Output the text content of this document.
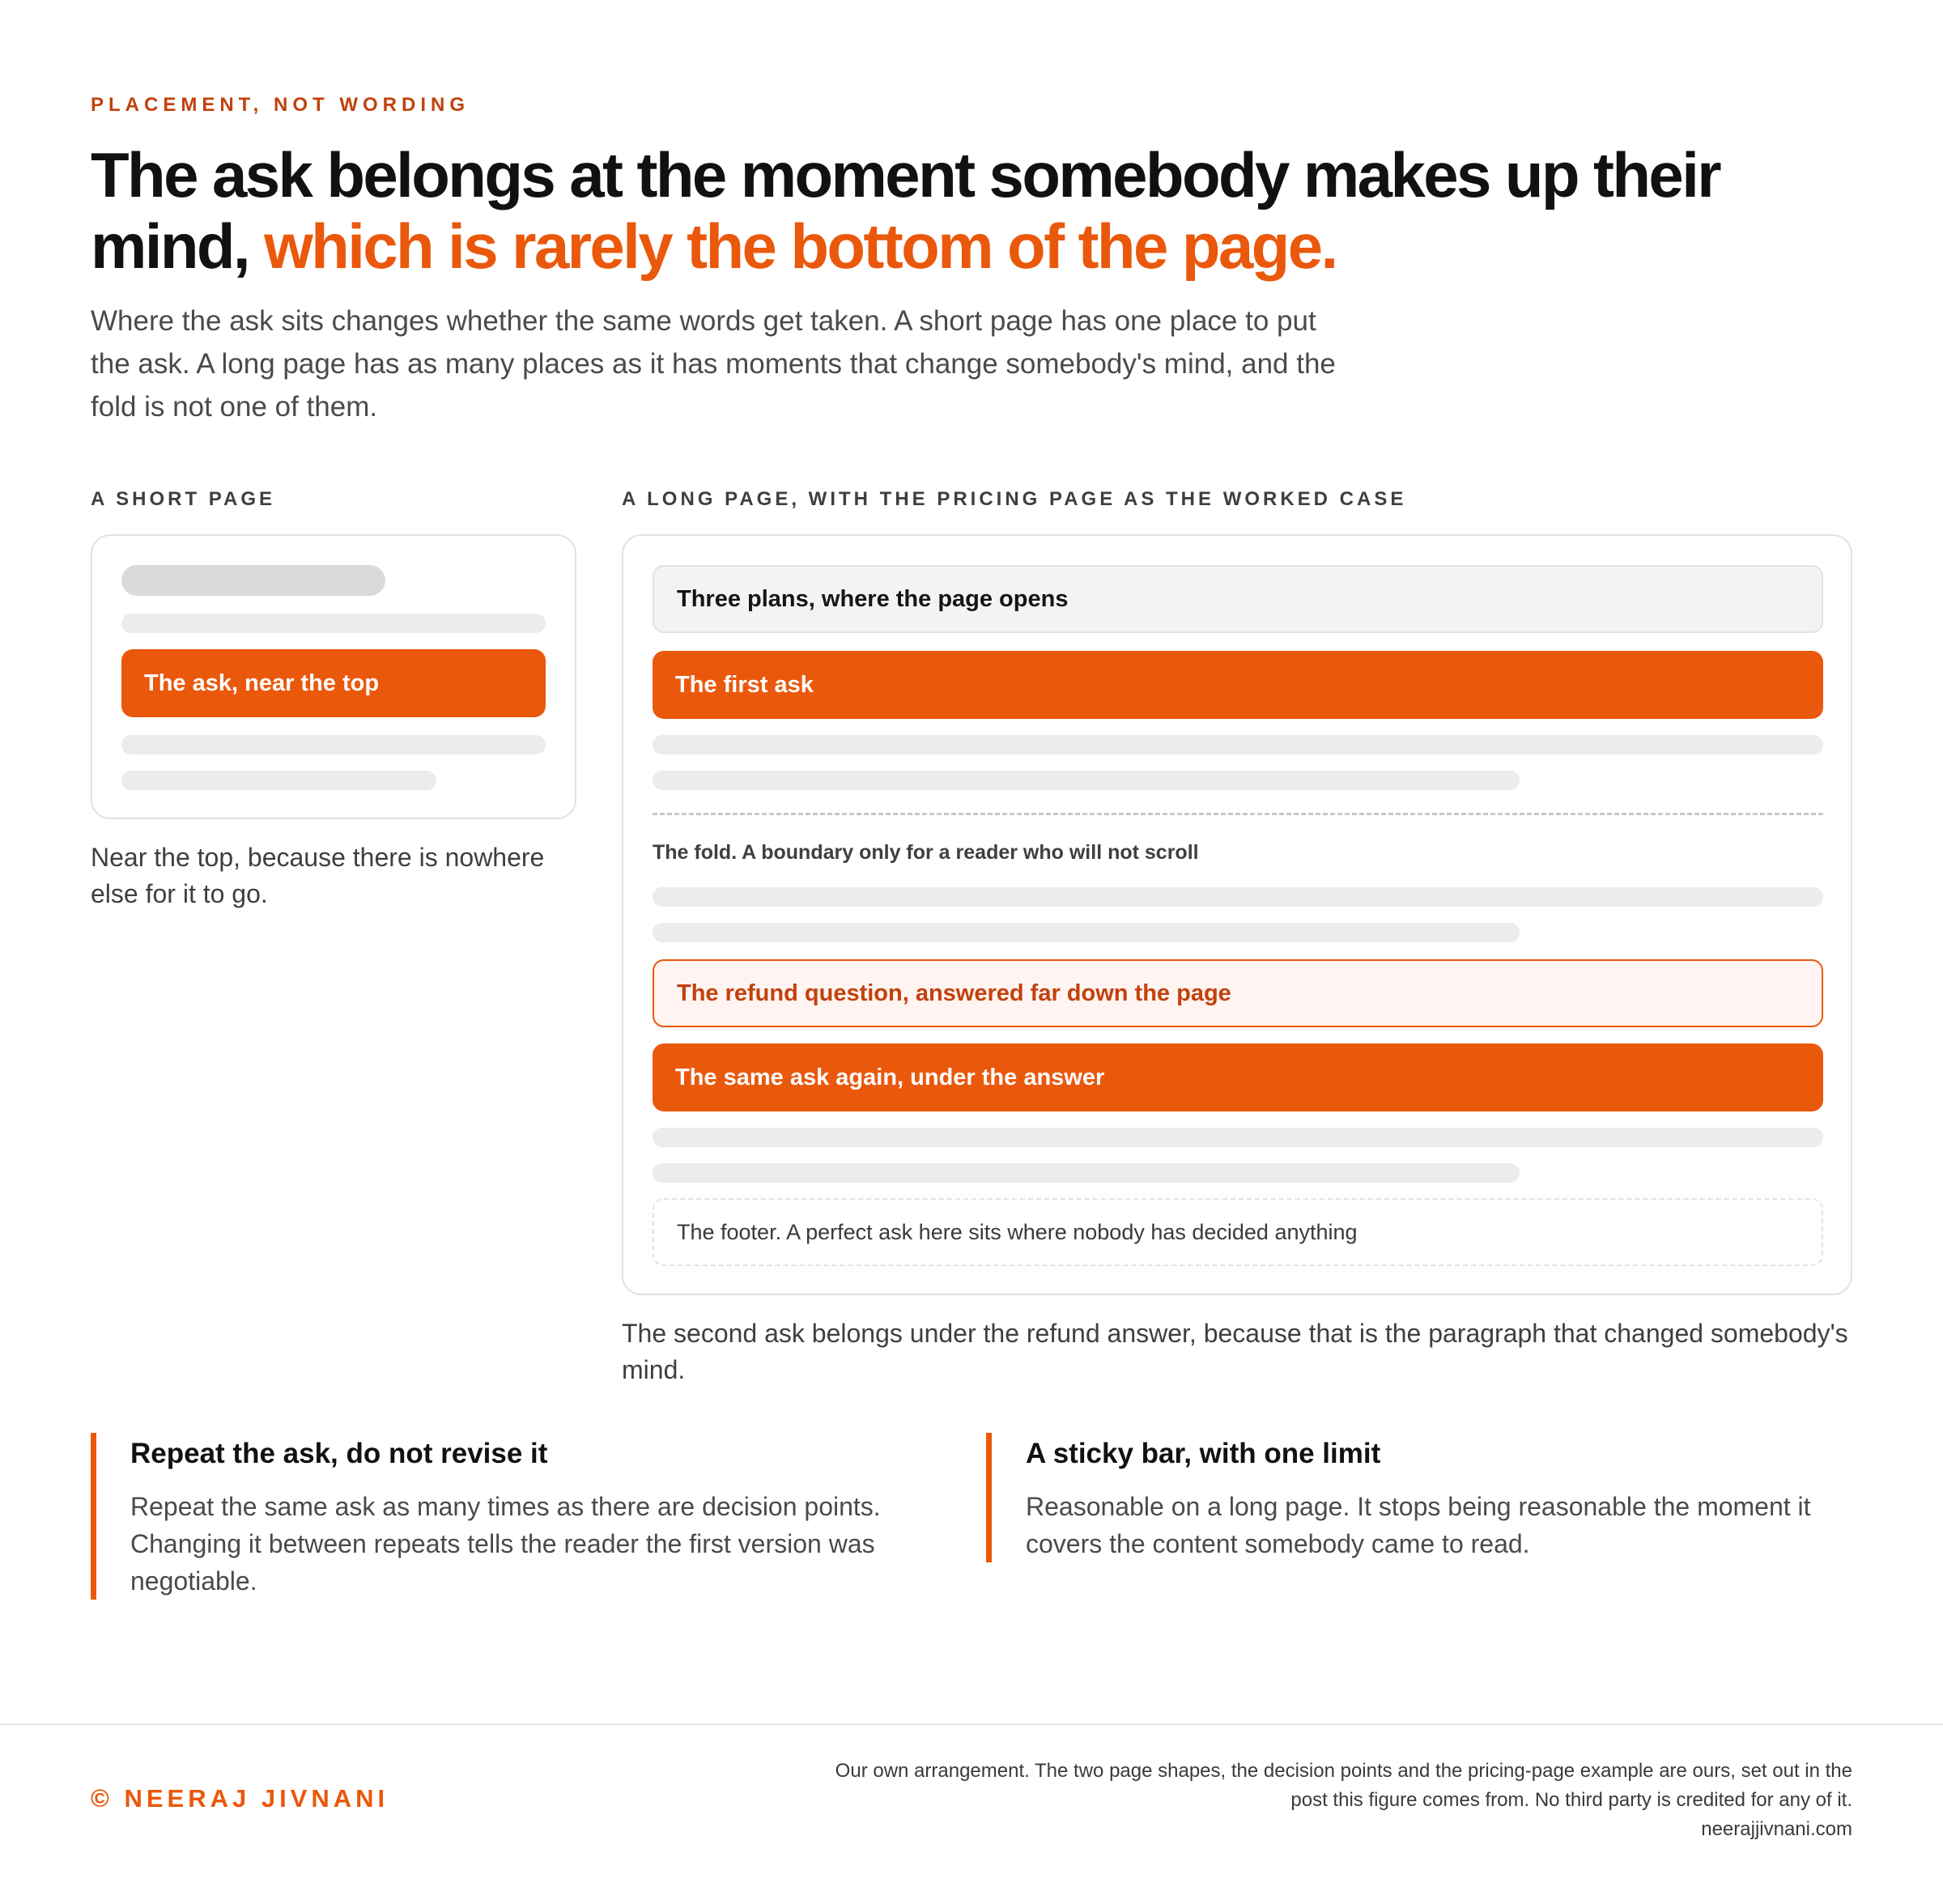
PLACEMENT, NOT WORDING
The ask belongs at the moment somebody makes up their mind, which is rarely the bottom of the page.

Where the ask sits changes whether the same words get taken. A short page has one place to put the ask. A long page has as many places as it has moments that change somebody's mind, and the fold is not one of them.

A SHORT PAGE
The ask, near the top

Near the top, because there is nowhere else for it to go.

A LONG PAGE, WITH THE PRICING PAGE AS THE WORKED CASE
Three plans, where the page opens
The first ask
The fold. A boundary only for a reader who will not scroll
The refund question, answered far down the page
The same ask again, under the answer
The footer. A perfect ask here sits where nobody has decided anything

The second ask belongs under the refund answer, because that is the paragraph that changed somebody's mind.

Repeat the ask, do not revise it

Repeat the same ask as many times as there are decision points. Changing it between repeats tells the reader the first version was negotiable.

A sticky bar, with one limit

Reasonable on a long page. It stops being reasonable the moment it covers the content somebody came to read.

© NEERAJ JIVNANI
Our own arrangement. The two page shapes, the decision points and the pricing-page example are ours, set out in the
post this figure comes from. No third party is credited for any of it.
neerajjivnani.com
